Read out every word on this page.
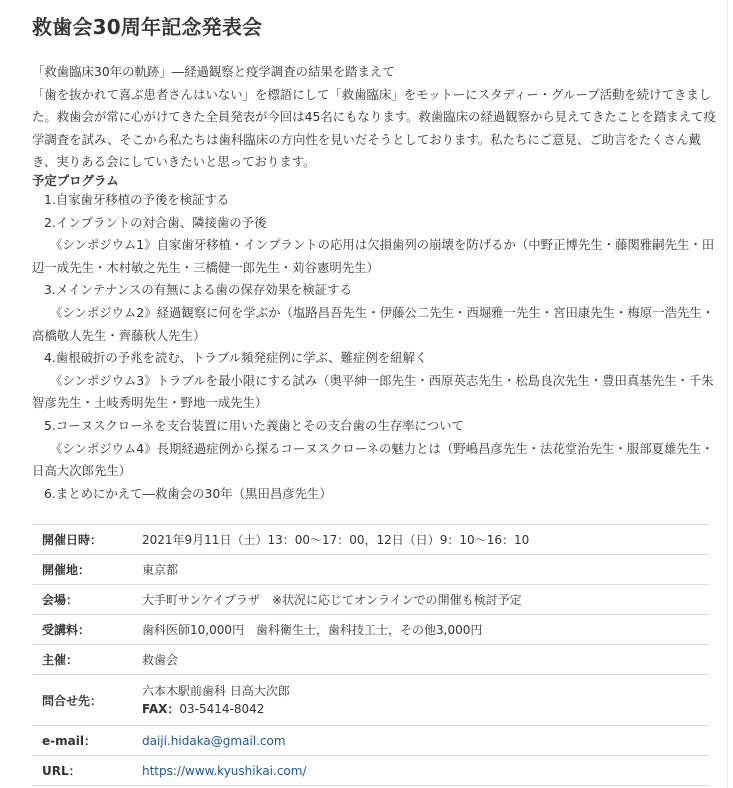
救歯会30周年記念発表会

「救歯臨床30年の軌跡」―経過観察と疫学調査の結果を踏まえて

「歯を抜かれて喜ぶ患者さんはいない」を標語にして「救歯臨床」をモットーにスタディー・グループ活動を続けてきました。救歯会が常に心がけてきた全員発表が今回は45名にもなります。救歯臨床の経過観察から見えてきたことを踏まえて疫学調査を試み、そこから私たちは歯科臨床の方向性を見いだそうとしております。私たちにご意見、ご助言をたくさん戴き、実りある会にしていきたいと思っております。

予定プログラム

1.自家歯牙移植の予後を検証する

2.インプラントの対合歯、隣接歯の予後

《シンポジウム1》自家歯牙移植・インプラントの応用は欠損歯列の崩壊を防げるか（中野正博先生・藤関雅嗣先生・田辺一成先生・木村敏之先生・三橋健一郎先生・苅谷憲明先生）

3.メインテナンスの有無による歯の保存効果を検証する

《シンポジウム2》経過観察に何を学ぶか（塩路昌吾先生・伊藤公二先生・西堀雅一先生・宮田康先生・梅原一浩先生・高橋敬人先生・齊藤秋人先生）

4.歯根破折の予兆を読む、トラブル頻発症例に学ぶ、難症例を紐解く

《シンポジウム3》トラブルを最小限にする試み（奥平紳一郎先生・西原英志先生・松島良次先生・豊田真基先生・千朱智彦先生・土岐秀明先生・野地一成先生）

5.コーヌスクローネを支台装置に用いた義歯とその支台歯の生存率について

《シンポジウム4》長期経過症例から探るコーヌスクローネの魅力とは（野嶋昌彦先生・法花堂治先生・服部夏雄先生・日高大次郎先生）

6.まとめにかえて―救歯会の30年（黒田昌彦先生）

開催日時：	2021年9月11日（土）13：00〜17：00，12日（日）9：10〜16：10
開催地：	東京都
会場：	大手町サンケイプラザ　※状況に応じてオンラインでの開催も検討予定
受講料：	歯科医師10,000円　歯科衛生士，歯科技工士，その他3,000円
主催：	救歯会
問合せ先：	六本木駅前歯科 日高大次郎
FAX：03-5414-8042

e-mail：	daiji.hidaka@gmail.com
URL：	https://www.kyushikai.com/
